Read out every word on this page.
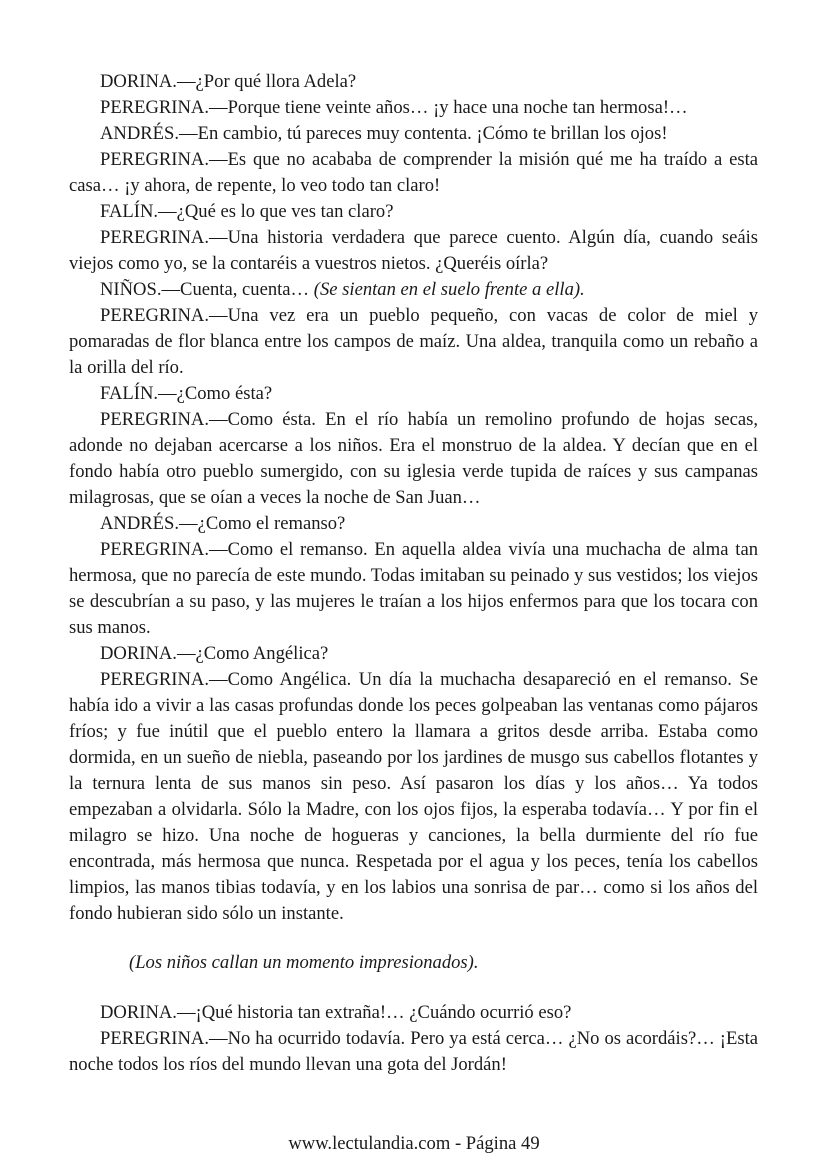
DORINA.—¿Por qué llora Adela?

PEREGRINA.—Porque tiene veinte años… ¡y hace una noche tan hermosa!…

ANDRÉS.—En cambio, tú pareces muy contenta. ¡Cómo te brillan los ojos!

PEREGRINA.—Es que no acababa de comprender la misión qué me ha traído a esta casa… ¡y ahora, de repente, lo veo todo tan claro!

FALÍN.—¿Qué es lo que ves tan claro?

PEREGRINA.—Una historia verdadera que parece cuento. Algún día, cuando seáis viejos como yo, se la contaréis a vuestros nietos. ¿Queréis oírla?

NIÑOS.—Cuenta, cuenta… (Se sientan en el suelo frente a ella).

PEREGRINA.—Una vez era un pueblo pequeño, con vacas de color de miel y pomaradas de flor blanca entre los campos de maíz. Una aldea, tranquila como un rebaño a la orilla del río.

FALÍN.—¿Como ésta?

PEREGRINA.—Como ésta. En el río había un remolino profundo de hojas secas, adonde no dejaban acercarse a los niños. Era el monstruo de la aldea. Y decían que en el fondo había otro pueblo sumergido, con su iglesia verde tupida de raíces y sus campanas milagrosas, que se oían a veces la noche de San Juan…

ANDRÉS.—¿Como el remanso?

PEREGRINA.—Como el remanso. En aquella aldea vivía una muchacha de alma tan hermosa, que no parecía de este mundo. Todas imitaban su peinado y sus vestidos; los viejos se descubrían a su paso, y las mujeres le traían a los hijos enfermos para que los tocara con sus manos.

DORINA.—¿Como Angélica?

PEREGRINA.—Como Angélica. Un día la muchacha desapareció en el remanso. Se había ido a vivir a las casas profundas donde los peces golpeaban las ventanas como pájaros fríos; y fue inútil que el pueblo entero la llamara a gritos desde arriba. Estaba como dormida, en un sueño de niebla, paseando por los jardines de musgo sus cabellos flotantes y la ternura lenta de sus manos sin peso. Así pasaron los días y los años… Ya todos empezaban a olvidarla. Sólo la Madre, con los ojos fijos, la esperaba todavía… Y por fin el milagro se hizo. Una noche de hogueras y canciones, la bella durmiente del río fue encontrada, más hermosa que nunca. Respetada por el agua y los peces, tenía los cabellos limpios, las manos tibias todavía, y en los labios una sonrisa de par… como si los años del fondo hubieran sido sólo un instante.

(Los niños callan un momento impresionados).

DORINA.—¡Qué historia tan extraña!… ¿Cuándo ocurrió eso?

PEREGRINA.—No ha ocurrido todavía. Pero ya está cerca… ¿No os acordáis?… ¡Esta noche todos los ríos del mundo llevan una gota del Jordán!

www.lectulandia.com - Página 49
